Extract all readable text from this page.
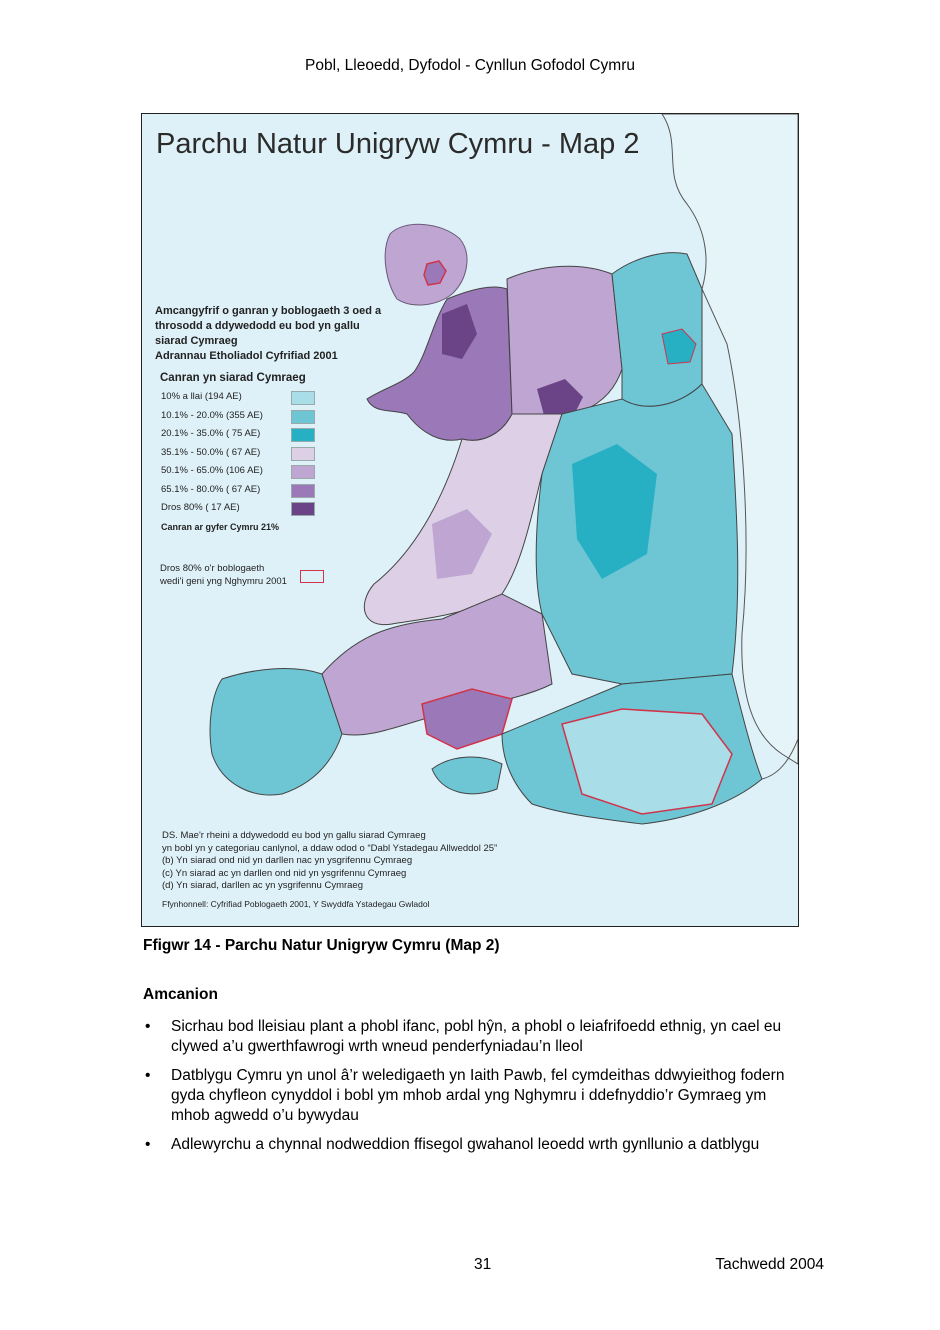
Pobl, Lleoedd, Dyfodol - Cynllun Gofodol Cymru
Parchu Natur Unigryw Cymru - Map 2
Amcangyfrif o ganran y boblogaeth 3 oed a
throsodd a ddywedodd eu bod yn gallu
siarad Cymraeg
Adrannau Etholiadol Cyfrifiad 2001
Canran yn siarad Cymraeg
10% a llai (194 AE)
10.1% - 20.0% (355 AE)
20.1% - 35.0% ( 75 AE)
35.1% - 50.0% ( 67 AE)
50.1% - 65.0% (106 AE)
65.1% - 80.0% ( 67 AE)
Dros 80% ( 17 AE)
Canran ar gyfer Cymru 21%
Dros 80% o'r boblogaeth
wedi'i geni yng Nghymru 2001
DS. Mae'r rheini a ddywedodd eu bod yn gallu siarad Cymraeg
yn bobl yn y categoriau canlynol, a ddaw odod o “Dabl Ystadegau Allweddol 25”
(b) Yn siarad ond nid yn darllen nac yn ysgrifennu Cymraeg
(c) Yn siarad ac yn darllen ond nid yn ysgrifennu Cymraeg
(d) Yn siarad, darllen ac yn ysgrifennu Cymraeg
Ffynhonnell: Cyfrifiad Poblogaeth 2001, Y Swyddfa Ystadegau Gwladol
Ffigwr 14 - Parchu Natur Unigryw Cymru (Map 2)
Amcanion
• Sicrhau bod lleisiau plant a phobl ifanc, pobl hŷn, a phobl o leiafrifoedd ethnig, yn cael eu clywed a’u gwerthfawrogi wrth wneud penderfyniadau’n lleol
• Datblygu Cymru yn unol â’r weledigaeth yn Iaith Pawb, fel cymdeithas ddwyieithog fodern gyda chyfleon cynyddol i bobl ym mhob ardal yng Nghymru i ddefnyddio’r Gymraeg ym mhob agwedd o’u bywydau
• Adlewyrchu a chynnal nodweddion ffisegol gwahanol leoedd wrth gynllunio a datblygu
31	Tachwedd 2004
